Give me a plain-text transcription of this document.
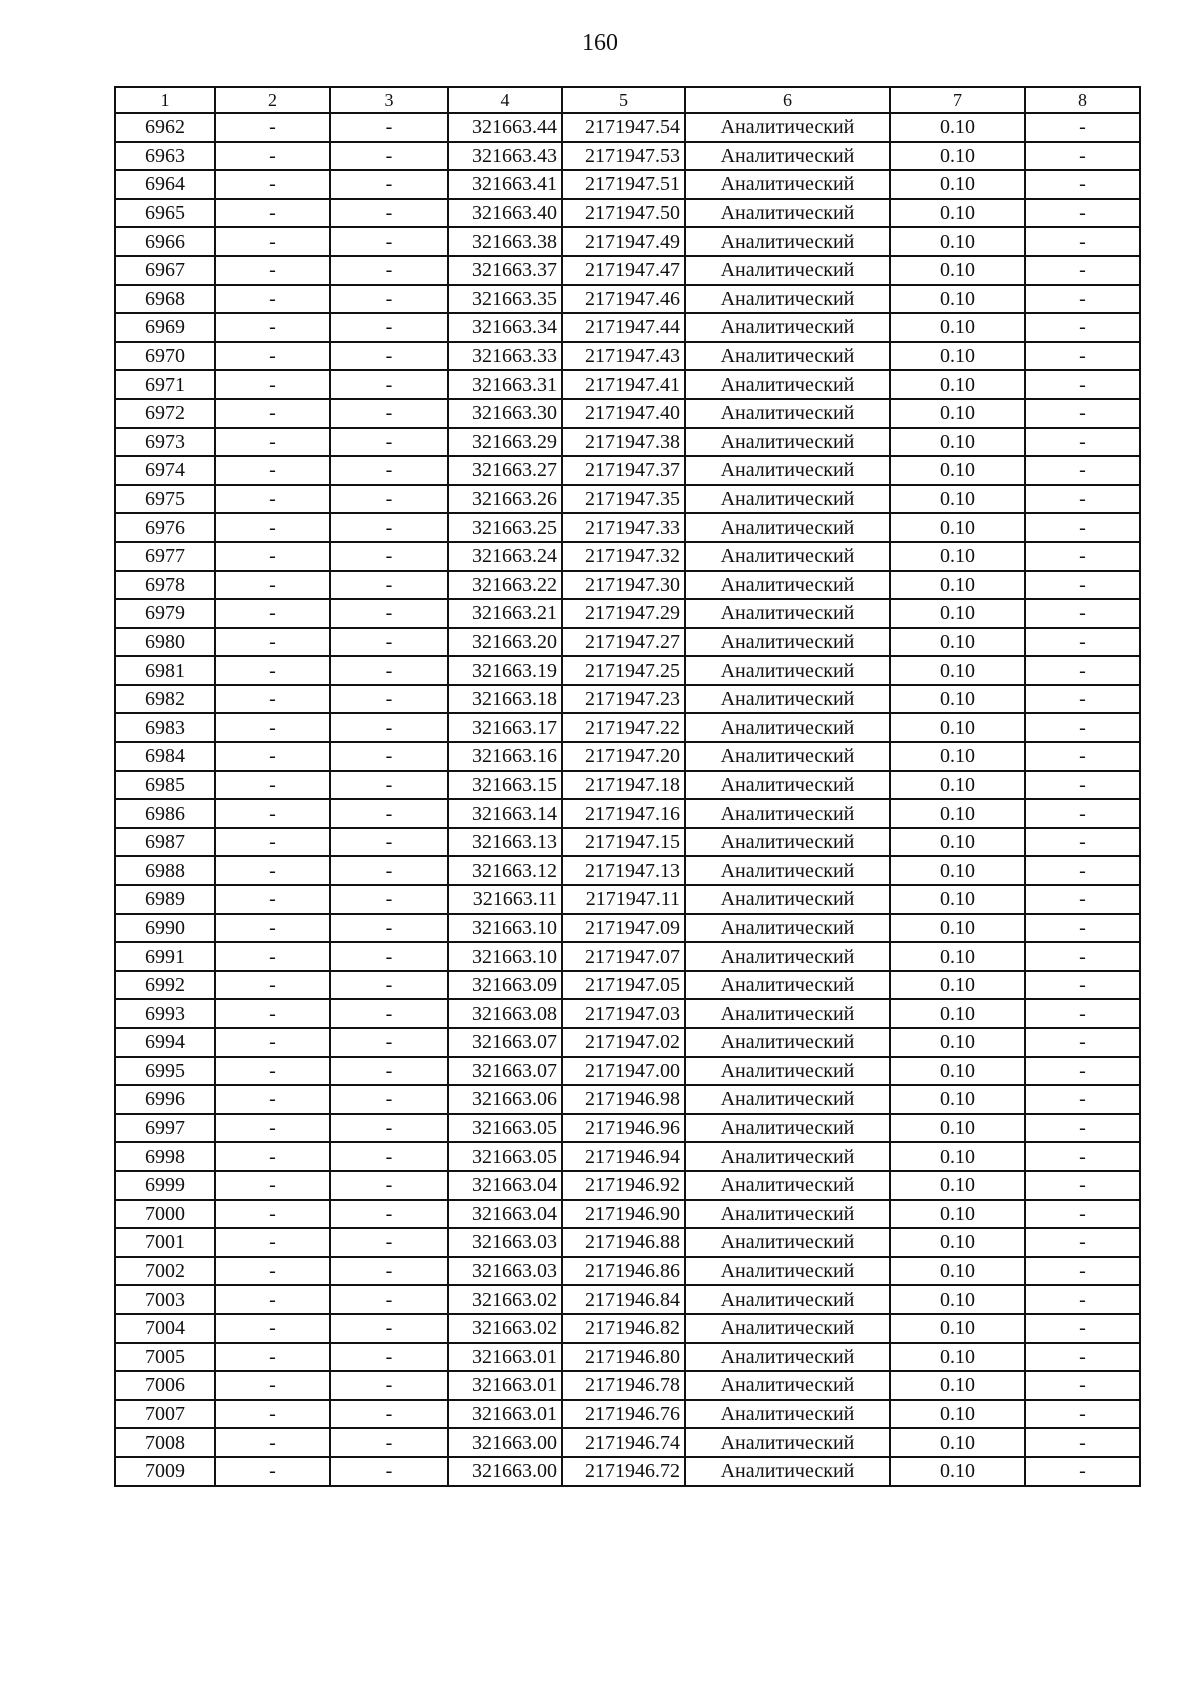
160
1	2	3	4	5	6	7	8
6962	-	-	321663.44	2171947.54	Аналитический	0.10	-
6963	-	-	321663.43	2171947.53	Аналитический	0.10	-
6964	-	-	321663.41	2171947.51	Аналитический	0.10	-
6965	-	-	321663.40	2171947.50	Аналитический	0.10	-
6966	-	-	321663.38	2171947.49	Аналитический	0.10	-
6967	-	-	321663.37	2171947.47	Аналитический	0.10	-
6968	-	-	321663.35	2171947.46	Аналитический	0.10	-
6969	-	-	321663.34	2171947.44	Аналитический	0.10	-
6970	-	-	321663.33	2171947.43	Аналитический	0.10	-
6971	-	-	321663.31	2171947.41	Аналитический	0.10	-
6972	-	-	321663.30	2171947.40	Аналитический	0.10	-
6973	-	-	321663.29	2171947.38	Аналитический	0.10	-
6974	-	-	321663.27	2171947.37	Аналитический	0.10	-
6975	-	-	321663.26	2171947.35	Аналитический	0.10	-
6976	-	-	321663.25	2171947.33	Аналитический	0.10	-
6977	-	-	321663.24	2171947.32	Аналитический	0.10	-
6978	-	-	321663.22	2171947.30	Аналитический	0.10	-
6979	-	-	321663.21	2171947.29	Аналитический	0.10	-
6980	-	-	321663.20	2171947.27	Аналитический	0.10	-
6981	-	-	321663.19	2171947.25	Аналитический	0.10	-
6982	-	-	321663.18	2171947.23	Аналитический	0.10	-
6983	-	-	321663.17	2171947.22	Аналитический	0.10	-
6984	-	-	321663.16	2171947.20	Аналитический	0.10	-
6985	-	-	321663.15	2171947.18	Аналитический	0.10	-
6986	-	-	321663.14	2171947.16	Аналитический	0.10	-
6987	-	-	321663.13	2171947.15	Аналитический	0.10	-
6988	-	-	321663.12	2171947.13	Аналитический	0.10	-
6989	-	-	321663.11	2171947.11	Аналитический	0.10	-
6990	-	-	321663.10	2171947.09	Аналитический	0.10	-
6991	-	-	321663.10	2171947.07	Аналитический	0.10	-
6992	-	-	321663.09	2171947.05	Аналитический	0.10	-
6993	-	-	321663.08	2171947.03	Аналитический	0.10	-
6994	-	-	321663.07	2171947.02	Аналитический	0.10	-
6995	-	-	321663.07	2171947.00	Аналитический	0.10	-
6996	-	-	321663.06	2171946.98	Аналитический	0.10	-
6997	-	-	321663.05	2171946.96	Аналитический	0.10	-
6998	-	-	321663.05	2171946.94	Аналитический	0.10	-
6999	-	-	321663.04	2171946.92	Аналитический	0.10	-
7000	-	-	321663.04	2171946.90	Аналитический	0.10	-
7001	-	-	321663.03	2171946.88	Аналитический	0.10	-
7002	-	-	321663.03	2171946.86	Аналитический	0.10	-
7003	-	-	321663.02	2171946.84	Аналитический	0.10	-
7004	-	-	321663.02	2171946.82	Аналитический	0.10	-
7005	-	-	321663.01	2171946.80	Аналитический	0.10	-
7006	-	-	321663.01	2171946.78	Аналитический	0.10	-
7007	-	-	321663.01	2171946.76	Аналитический	0.10	-
7008	-	-	321663.00	2171946.74	Аналитический	0.10	-
7009	-	-	321663.00	2171946.72	Аналитический	0.10	-
